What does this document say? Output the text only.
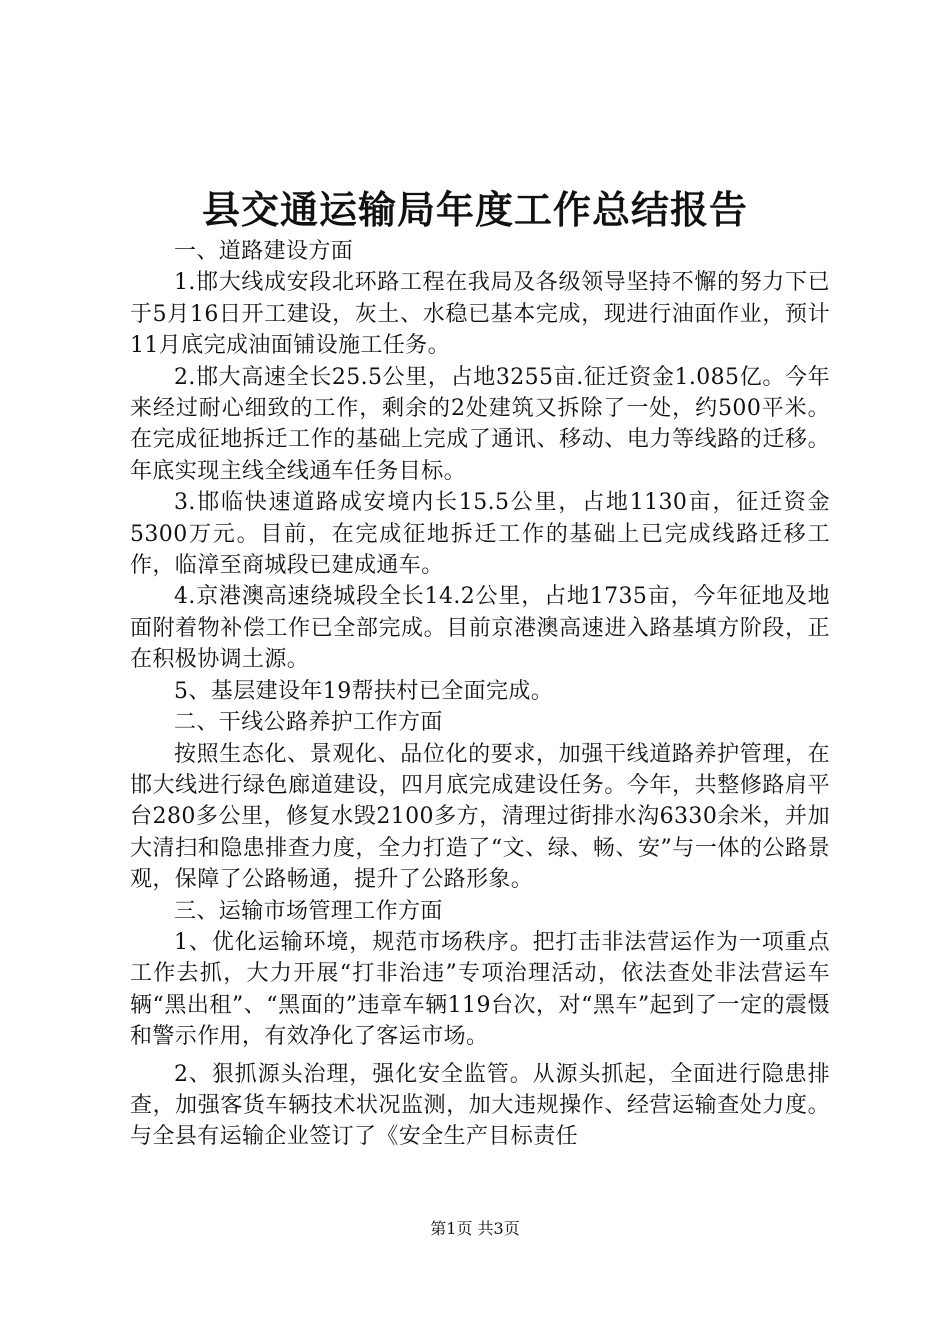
县交通运输局年度工作总结报告

一、道路建设方面

1.邯大线成安段北环路工程在我局及各级领导坚持不懈的努力下已于5月16日开工建设，灰土、水稳已基本完成，现进行油面作业，预计11月底完成油面铺设施工任务。

2.邯大高速全长25.5公里，占地3255亩.征迁资金1.085亿。今年来经过耐心细致的工作，剩余的2处建筑又拆除了一处，约500平米。在完成征地拆迁工作的基础上完成了通讯、移动、电力等线路的迁移。年底实现主线全线通车任务目标。

3.邯临快速道路成安境内长15.5公里，占地1130亩，征迁资金5300万元。目前，在完成征地拆迁工作的基础上已完成线路迁移工作，临漳至商城段已建成通车。

4.京港澳高速绕城段全长14.2公里，占地1735亩，今年征地及地面附着物补偿工作已全部完成。目前京港澳高速进入路基填方阶段，正在积极协调土源。

5、基层建设年19帮扶村已全面完成。

二、干线公路养护工作方面

按照生态化、景观化、品位化的要求，加强干线道路养护管理，在邯大线进行绿色廊道建设，四月底完成建设任务。今年，共整修路肩平台280多公里，修复水毁2100多方，清理过街排水沟6330余米，并加大清扫和隐患排查力度，全力打造了“文、绿、畅、安”与一体的公路景观，保障了公路畅通，提升了公路形象。

三、运输市场管理工作方面

1、优化运输环境，规范市场秩序。把打击非法营运作为一项重点工作去抓，大力开展“打非治违”专项治理活动，依法查处非法营运车辆“黑出租”、“黑面的”违章车辆119台次，对“黑车”起到了一定的震慑和警示作用，有效净化了客运市场。

2、狠抓源头治理，强化安全监管。从源头抓起，全面进行隐患排查，加强客货车辆技术状况监测，加大违规操作、经营运输查处力度。与全县有运输企业签订了《安全生产目标责任

第1页 共3页
